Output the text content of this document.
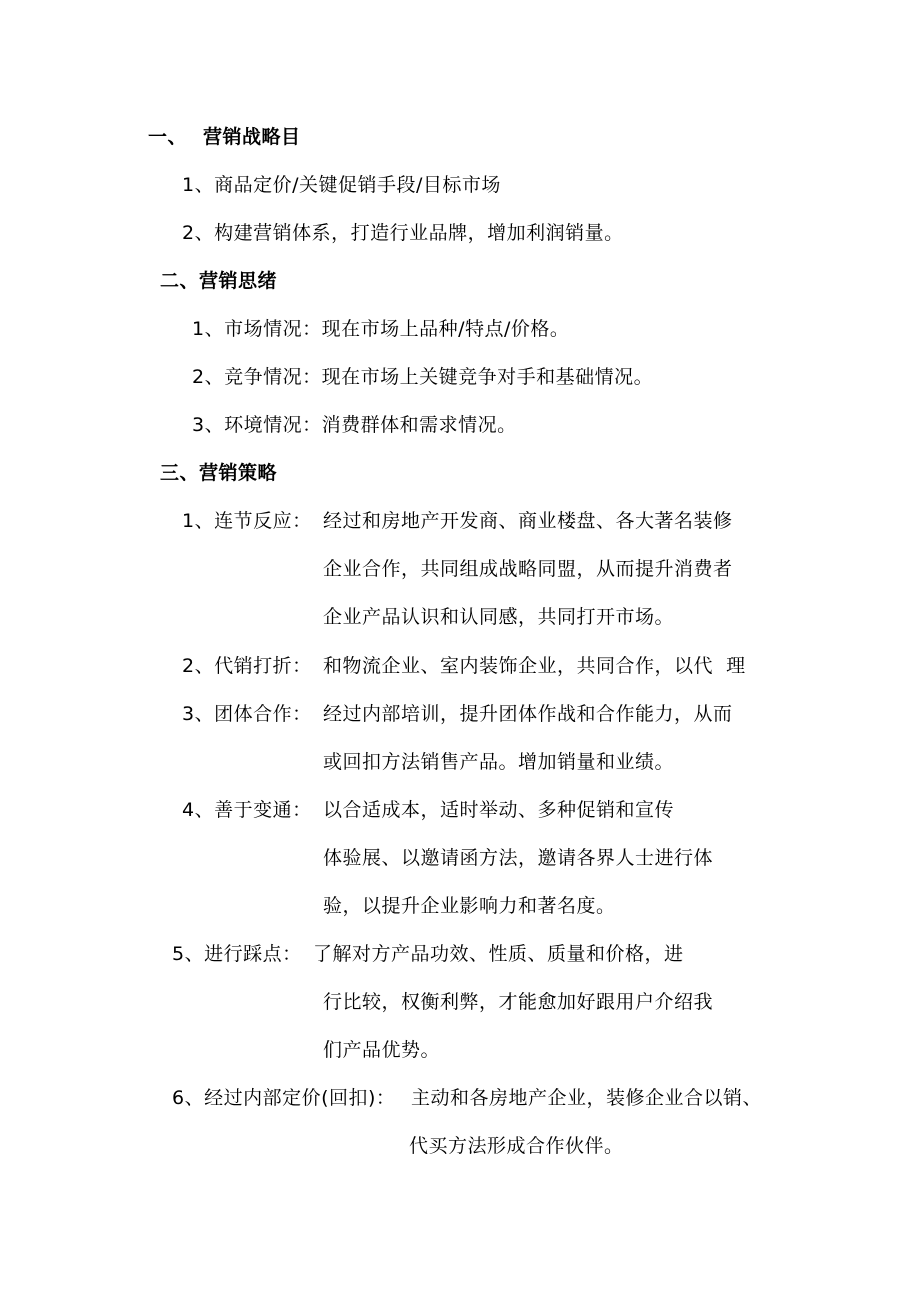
一、 营销战略目
1、商品定价/关键促销手段/目标市场
2、构建营销体系，打造行业品牌，增加利润销量。
二、营销思绪
1、市场情况：现在市场上品种/特点/价格。
2、竞争情况：现在市场上关键竞争对手和基础情况。
3、环境情况：消费群体和需求情况。
三、营销策略
1、连节反应： 经过和房地产开发商、商业楼盘、各大著名装修
企业合作，共同组成战略同盟，从而提升消费者
企业产品认识和认同感，共同打开市场。
2、代销打折： 和物流企业、室内装饰企业，共同合作，以代  理
3、团体合作： 经过内部培训，提升团体作战和合作能力，从而
或回扣方法销售产品。增加销量和业绩。
4、善于变通： 以合适成本，适时举动、多种促销和宣传
体验展、以邀请函方法，邀请各界人士进行体
验，以提升企业影响力和著名度。
5、进行踩点： 了解对方产品功效、性质、质量和价格，进
行比较，权衡利弊，才能愈加好跟用户介绍我
们产品优势。
6、经过内部定价(回扣)： 主动和各房地产企业，装修企业合以销、
代买方法形成合作伙伴。
